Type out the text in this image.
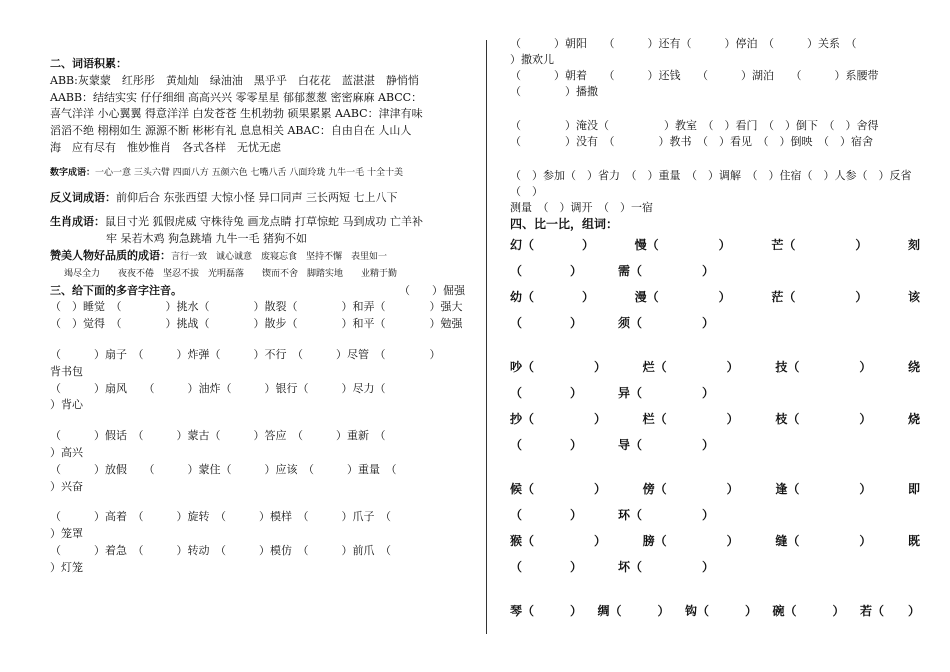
二、词语积累：

ABB:灰蒙蒙　红彤彤　黄灿灿　绿油油　黑乎乎　白花花　蓝湛湛　静悄悄

AABB：结结实实 仔仔细细 高高兴兴 零零星星 郁郁葱葱 密密麻麻 ABCC：

喜气洋洋 小心翼翼 得意洋洋 白发苍苍 生机勃勃 硕果累累 AABC：津津有味

滔滔不绝 栩栩如生 源源不断 彬彬有礼 息息相关 ABAC：自由自在 人山人

海　应有尽有　惟妙惟肖　各式各样　无忧无虑

数字成语：一心一意 三头六臂 四面八方 五颜六色 七嘴八舌 八面玲珑 九牛一毛 十全十美

反义词成语：前仰后合 东张西望 大惊小怪 异口同声 三长两短 七上八下

生肖成语：鼠目寸光 狐假虎威 守株待兔 画龙点睛 打草惊蛇 马到成功 亡羊补

牢 呆若木鸡 狗急跳墙 九牛一毛 猪狗不如

赞美人物好品质的成语：言行一致　诚心诚意　废寝忘食　坚持不懈　表里如一

竭尽全力　　夜夜不倦　坚忍不拔　光明磊落　　锲而不舍　脚踏实地　　业精于勤

三、给下面的多音字注音。	（　　）倔强

（　）睡觉　（　　　　）挑水（　　　　）散裂（　　　　）和弄（　　　　）强大

（　）觉得　（　　　　）挑战（　　　　）散步（　　　　）和平（　　　　）勉强

（　　　）扇子　（　　　）炸弹（　　　）不行　（　　　）尽管　（　　　　）

背书包

（　　　）扇风　　（　　　）油炸（　　　）银行（　　　）尽力（

）背心

（　　　）假话　（　　　）蒙古（　　　）答应　（　　　）重新　（

）高兴

（　　　）放假　　（　　　）蒙住（　　　）应该　（　　　）重量　（

）兴奋

（　　　）高着　（　　　）旋转　（　　　）模样　（　　　）爪子　（

）笼罩

（　　　）着急　（　　　）转动　（　　　）模仿　（　　　）前爪　（

）灯笼

（　　　）朝阳　　（　　　）还有（　　　）停泊　（　　　）关系　（

）撒欢儿

（　　　）朝着　　（　　　）还钱　　（　　　）湖泊　　（　　　）系腰带

（　　　　）播撒

（　　　　）淹没（　　　　　）教室　（　）看门　（　）倒下　（　）舍得

（　　　　）没有　（　　　　）教书　（　）看见　（　）倒映　（　）宿舍

（　）参加（　）省力　（　）重量　（　）调解　（　）住宿（　）人参（　）反省　（　）

测量　（　）调开　（　）一宿

四、比一比，组词：

幻（　　　　）	慢（　　　　　）	芒（　　　　　）	刻
（　　　　）	需（　　　　　）
幼（　　　　）	漫（　　　　　）	茫（　　　　　）	该
（　　　　）	须（　　　　　）
吵（　　　　　）	烂（　　　　　）	技（　　　　　）	绕
（　　　　）	异（　　　　　）
抄（　　　　　）	栏（　　　　　）	枝（　　　　　）	烧
（　　　　）	导（　　　　　）
候（　　　　　）	傍（　　　　　）	逢（　　　　　）	即
（　　　　）	环（　　　　　）
猴（　　　　　）	膀（　　　　　）	缝（　　　　　）	既
（　　　　）	坏（　　　　　）
琴（　　　） 绸（　　　） 钩（　　　） 碗（　　　） 若（　　）
